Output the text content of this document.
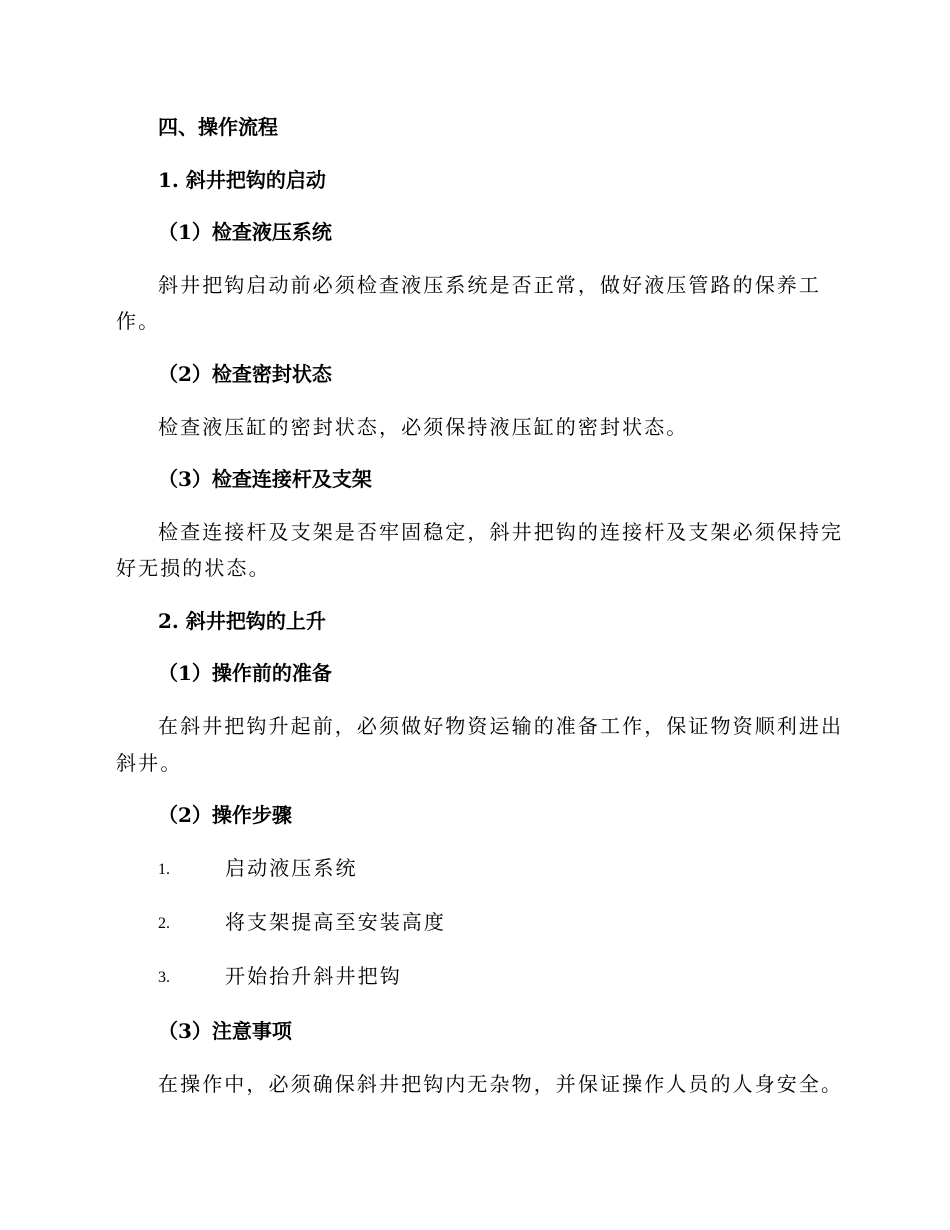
四、操作流程
1. 斜井把钩的启动
（1）检查液压系统

斜井把钩启动前必须检查液压系统是否正常，做好液压管路的保养工

作。

（2）检查密封状态

检查液压缸的密封状态，必须保持液压缸的密封状态。

（3）检查连接杆及支架

检查连接杆及支架是否牢固稳定，斜井把钩的连接杆及支架必须保持完

好无损的状态。

2. 斜井把钩的上升
（1）操作前的准备

在斜井把钩升起前，必须做好物资运输的准备工作，保证物资顺利进出

斜井。

（2）操作步骤
1.	启动液压系统
2.	将支架提高至安装高度
3.	开始抬升斜井把钩
（3）注意事项

在操作中，必须确保斜井把钩内无杂物，并保证操作人员的人身安全。
